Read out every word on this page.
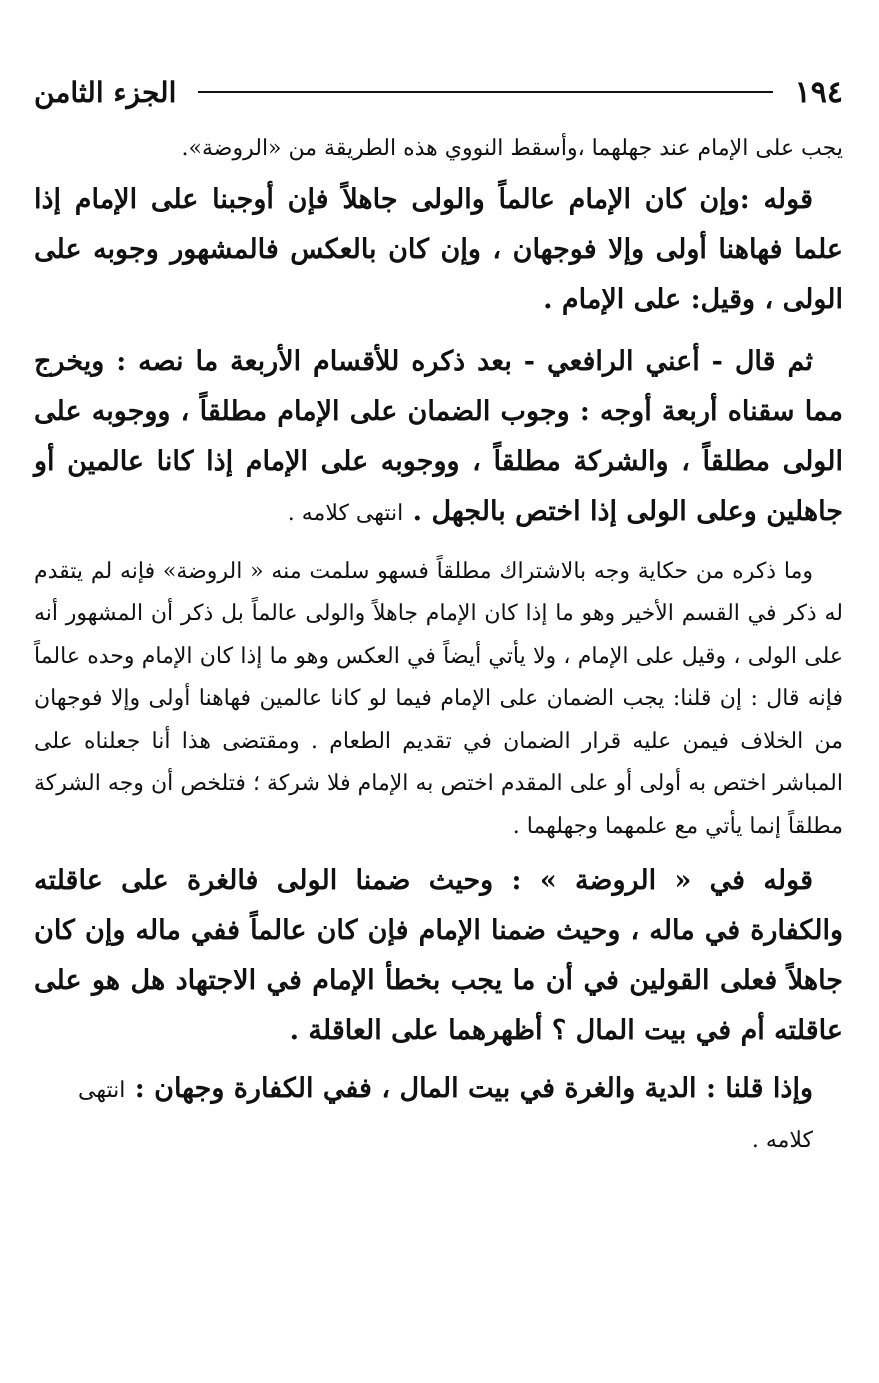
١٩٤
الجزء الثامن

يجب على الإمام عند جهلهما ،وأسقط النووي هذه الطريقة من «الروضة».

قوله :وإن كان الإمام عالماً والولى جاهلاً فإن أوجبنا على الإمام إذا علما فهاهنا أولى وإلا فوجهان ، وإن كان بالعكس فالمشهور وجوبه على الولى ، وقيل: على الإمام .

ثم قال - أعني الرافعي - بعد ذكره للأقسام الأربعة ما نصه : ويخرج مما سقناه أربعة أوجه : وجوب الضمان على الإمام مطلقاً ، ووجوبه على الولى مطلقاً ، والشركة مطلقاً ، ووجوبه على الإمام إذا كانا عالمين أو جاهلين وعلى الولى إذا اختص بالجهل . انتهى كلامه .

وما ذكره من حكاية وجه بالاشتراك مطلقاً فسهو سلمت منه « الروضة» فإنه لم يتقدم له ذكر في القسم الأخير وهو ما إذا كان الإمام جاهلاً والولى عالماً بل ذكر أن المشهور أنه على الولى ، وقيل على الإمام ، ولا يأتي أيضاً في العكس وهو ما إذا كان الإمام وحده عالماً فإنه قال : إن قلنا: يجب الضمان على الإمام فيما لو كانا عالمين فهاهنا أولى وإلا فوجهان من الخلاف فيمن عليه قرار الضمان في تقديم الطعام . ومقتضى هذا أنا جعلناه على المباشر اختص به أولى أو على المقدم اختص به الإمام فلا شركة ؛ فتلخص أن وجه الشركة مطلقاً إنما يأتي مع علمهما وجهلهما .

قوله في « الروضة » : وحيث ضمنا الولى فالغرة على عاقلته والكفارة في ماله ، وحيث ضمنا الإمام فإن كان عالماً ففي ماله وإن كان جاهلاً فعلى القولين في أن ما يجب بخطأ الإمام في الاجتهاد هل هو على عاقلته أم في بيت المال ؟ أظهرهما على العاقلة .

وإذا قلنا : الدية والغرة في بيت المال ، ففي الكفارة وجهان : انتهى
كلامه .
